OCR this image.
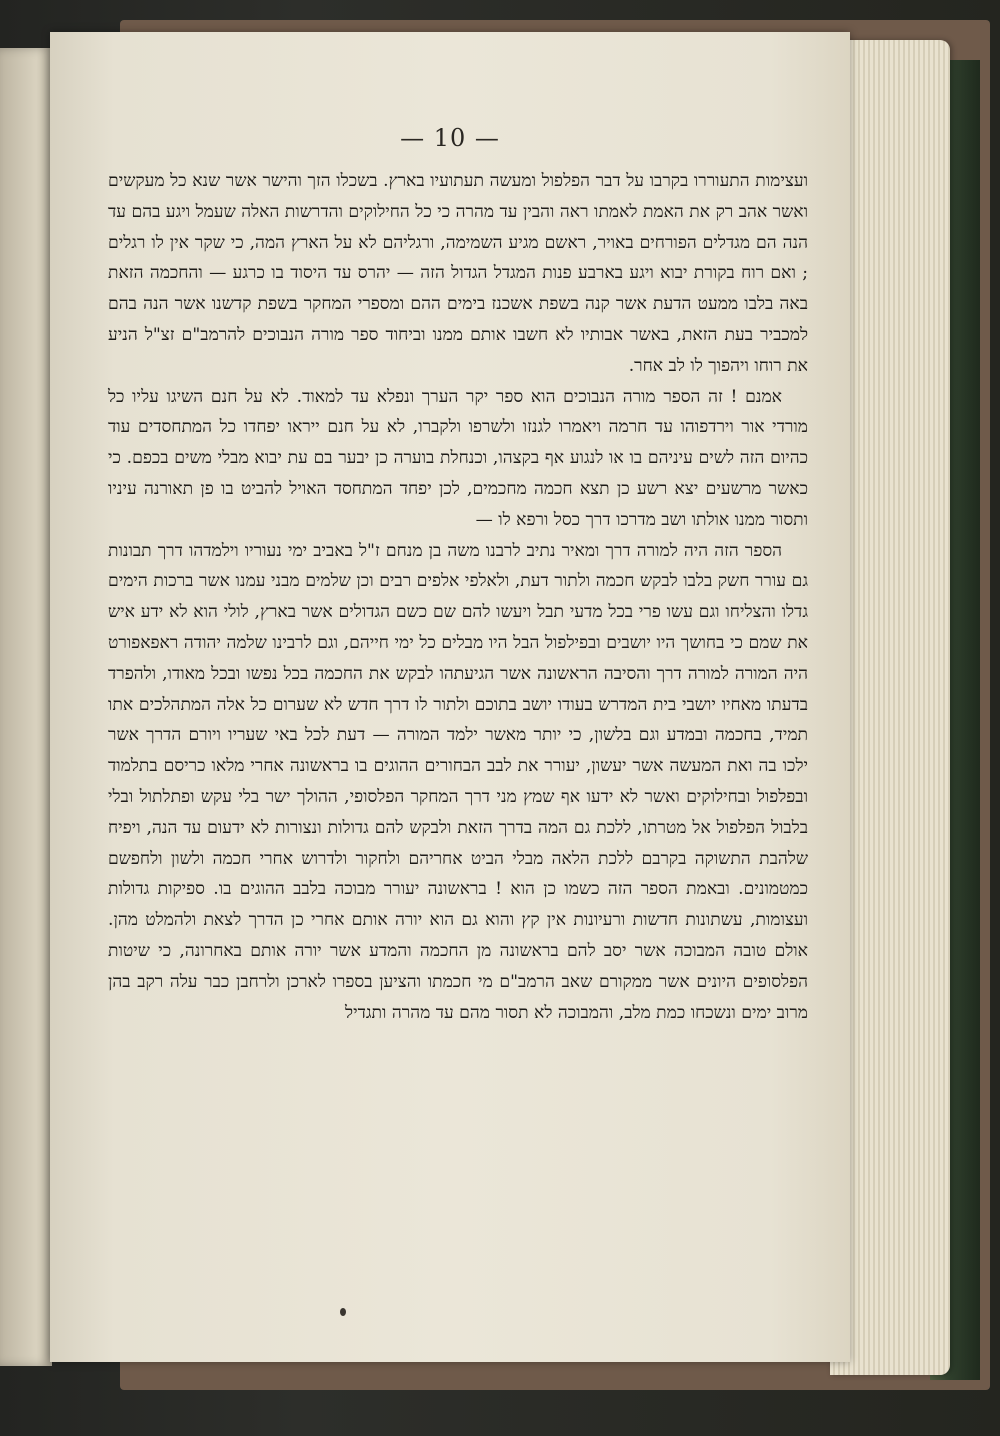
— 10 —

ועצימות התעוררו בקרבו על דבר הפלפול ומעשה תעתועיו בארץ. בשכלו הזך והישר אשר שנא כל מעקשים ואשר אהב רק את האמת לאמתו ראה והבין עד מהרה כי כל החילוקים והדרשות האלה שעמל ויגע בהם עד הנה הם מגדלים הפורחים באויר, ראשם מגיע השמימה, ורגליהם לא על הארץ המה, כי שקר אין לו רגלים ; ואם רוח בקורת יבוא ויגע בארבע פנות המגדל הגדול הזה — יהרס עד היסוד בו כרגע — והחכמה הזאת באה בלבו ממעט הדעת אשר קנה בשפת אשכנז בימים ההם ומספרי המחקר בשפת קדשנו אשר הנה בהם למכביר בעת הזאת, באשר אבותיו לא חשבו אותם ממנו וביחוד ספר מורה הנבוכים להרמב"ם זצ"ל הניע את רוחו ויהפוך לו לב אחר.

אמנם ! זה הספר מורה הנבוכים הוא ספר יקר הערך ונפלא עד למאוד. לא על חנם השיגו עליו כל מורדי אור וירדפוהו עד חרמה ויאמרו לגנזו ולשרפו ולקברו, לא על חנם ייראו יפחדו כל המתחסדים עוד כהיום הזה לשים עיניהם בו או לנגוע אף בקצהו, וכנחלת בוערה כן יבער בם עת יבוא מבלי משים בכפם. כי כאשר מרשעים יצא רשע כן תצא חכמה מחכמים, לכן יפחד המתחסד האויל להביט בו פן תאורנה עיניו ותסור ממנו אולתו ושב מדרכו דרך כסל ורפא לו —

הספר הזה היה למורה דרך ומאיר נתיב לרבנו משה בן מנחם ז"ל באביב ימי נעוריו וילמדהו דרך תבונות גם עורר חשק בלבו לבקש חכמה ולתור דעת, ולאלפי אלפים רבים וכן שלמים מבני עמנו אשר ברכות הימים גדלו והצליחו וגם עשו פרי בכל מדעי תבל ויעשו להם שם כשם הגדולים אשר בארץ, לולי הוא לא ידע איש את שמם כי בחושך היו יושבים ובפילפול הבל היו מבלים כל ימי חייהם, וגם לרבינו שלמה יהודה ראפאפורט היה המורה למורה דרך והסיבה הראשונה אשר הגיעתהו לבקש את החכמה בכל נפשו ובכל מאודו, ולהפרד בדעתו מאחיו יושבי בית המדרש בעודו יושב בתוכם ולתור לו דרך חדש לא שערום כל אלה המתהלכים אתו תמיד, בחכמה ובמדע וגם בלשון, כי יותר מאשר ילמד המורה — דעת לכל באי שעריו ויורם הדרך אשר ילכו בה ואת המעשה אשר יעשון, יעורר את לבב הבחורים ההוגים בו בראשונה אחרי מלאו כריסם בתלמוד ובפלפול ובחילוקים ואשר לא ידעו אף שמץ מני דרך המחקר הפלסופי, ההולך ישר בלי עקש ופתלתול ובלי בלבול הפלפול אל מטרתו, ללכת גם המה בדרך הזאת ולבקש להם גדולות ונצורות לא ידעום עד הנה, ויפיח שלהבת התשוקה בקרבם ללכת הלאה מבלי הביט אחריהם ולחקור ולדרוש אחרי חכמה ולשון ולחפשם כמטמונים. ובאמת הספר הזה כשמו כן הוא ! בראשונה יעורר מבוכה בלבב ההוגים בו. ספיקות גדולות ועצומות, עשתונות חדשות ורעיונות אין קץ והוא גם הוא יורה אותם אחרי כן הדרך לצאת ולהמלט מהן. אולם טובה המבוכה אשר יסב להם בראשונה מן החכמה והמדע אשר יורה אותם באחרונה, כי שיטות הפלסופים היונים אשר ממקורם שאב הרמב"ם מי חכמתו והציען בספרו לארכן ולרחבן כבר עלה רקב בהן מרוב ימים ונשכחו כמת מלב, והמבוכה לא תסור מהם עד מהרה ותגדיל
